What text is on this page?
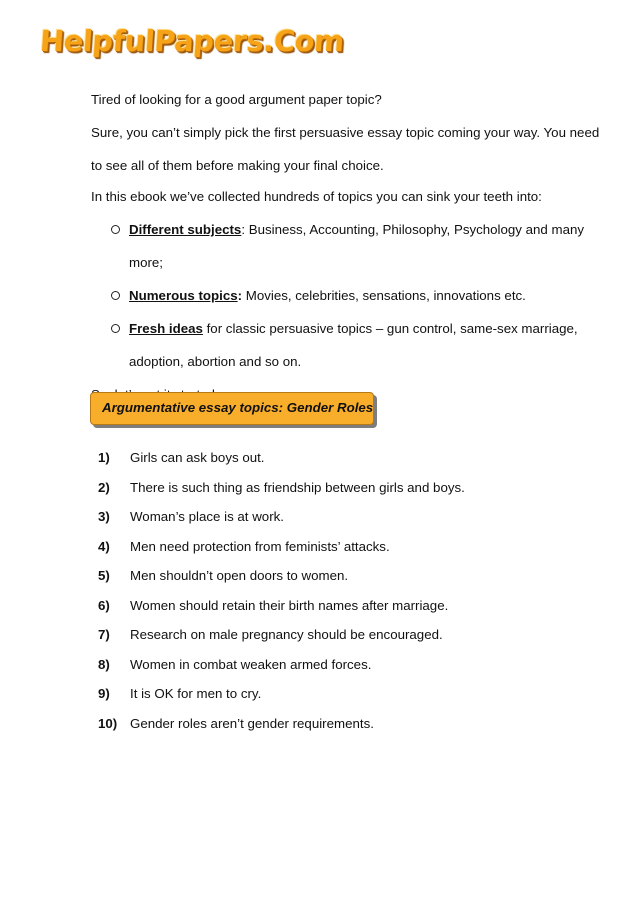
HelpfulPapers.Com

Tired of looking for a good argument paper topic?

Sure, you can’t simply pick the first persuasive essay topic coming your way. You need

to see all of them before making your final choice.

In this ebook we’ve collected hundreds of topics you can sink your teeth into:

Different subjects: Business, Accounting, Philosophy, Psychology and many
more;
Numerous topics: Movies, celebrities, sensations, innovations etc.
Fresh ideas for classic persuasive topics – gun control, same-sex marriage,
adoption, abortion and so on.

Argumentative essay topics: Gender Roles
1) Girls can ask boys out.
2) There is such thing as friendship between girls and boys.
3) Woman’s place is at work.
4) Men need protection from feminists’ attacks.
5) Men shouldn’t open doors to women.
6) Women should retain their birth names after marriage.
7) Research on male pregnancy should be encouraged.
8) Women in combat weaken armed forces.
9) It is OK for men to cry.
10) Gender roles aren’t gender requirements.
